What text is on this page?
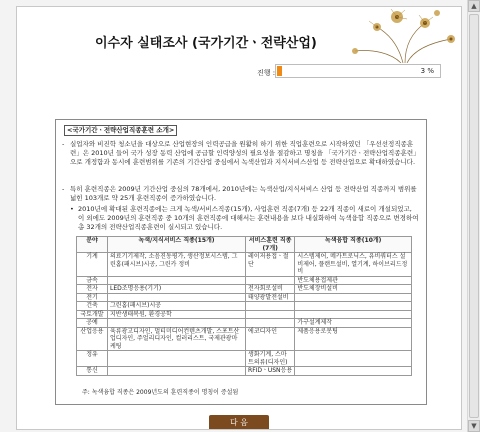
▲
▼
이수자 실태조사 (국가기간ㆍ전략산업)
진행 :	3 %
<국가기간ㆍ전략산업직종훈련 소개>
- 실업자와 비진학 청소년을 대상으로 산업현장의 인력공급을 원활히 하기 위한 직업훈련으로 시작하였던 「우선선정직종훈련」은 2010년 들어 국가 성장 동력 산업에 공급할 인력양성의 필요성을 절감하고 명칭을 「국가기간ㆍ전략산업직종훈련」으로 개정함과 동시에 훈련범위를 기존의 기간산업 중심에서 녹색산업과 지식서비스산업 등 전략산업으로 확대하였습니다.
- 특히 훈련직종은 2009년 기간산업 중심의 78개에서, 2010년에는 녹색산업/지식서비스 산업 등 전략산업 직종까지 범위를 넓힌 103개로 약 25개 훈련직종이 증가하였습니다.
• 2010년에 확대된 훈련직종에는 크게 녹색/서비스직종(15개), 사업훈련 직종(7개) 등 22개 직종이 새로이 개설되었고, 이 외에도 2009년의 훈련직종 중 10개의 훈련직종에 대해서는 훈련내용을 보다 내실화하여 녹색융합 직종으로 변경하여 총 32개의 전략산업직종훈련이 실시되고 있습니다.
분야	녹색/지식서비스 직종(15개)	서비스훈련 직종(7개)	녹색융합 직종(10개)
기계	의료기기제작, 소음진동평가, 생산정보시스템, 그린홈(패시브)시공, 그린카 정비	레이저용접ㆍ절단	시스템제어, 메카트로닉스, 유비쿼터스 설비제어, 플랜트설비, 열기계, 하이브리드정비
금속			반도체용접제관
전자	LED조명응용(기기)	전자회로설비	반도체장비설비
전기		태양광발전설비	
건축	그린홈(패시브)시공		
국토개발	지반생태복원, 환경공학		
공예			가구설계제작
산업응용	육류광고디자인, 멀티미디어컨텐츠개발, 스포트산업디자인, 주얼리디자인, 컬러리스트, 국제관광마케팅	에코디자인	제품응용로봇팅
정유		생화기계, 스마트의류(디자인)	
통신		RFIDㆍUSN응용	
주: 녹색융합 직종은 2009년도의 훈련직종이 명칭이 증설됨
다 음
